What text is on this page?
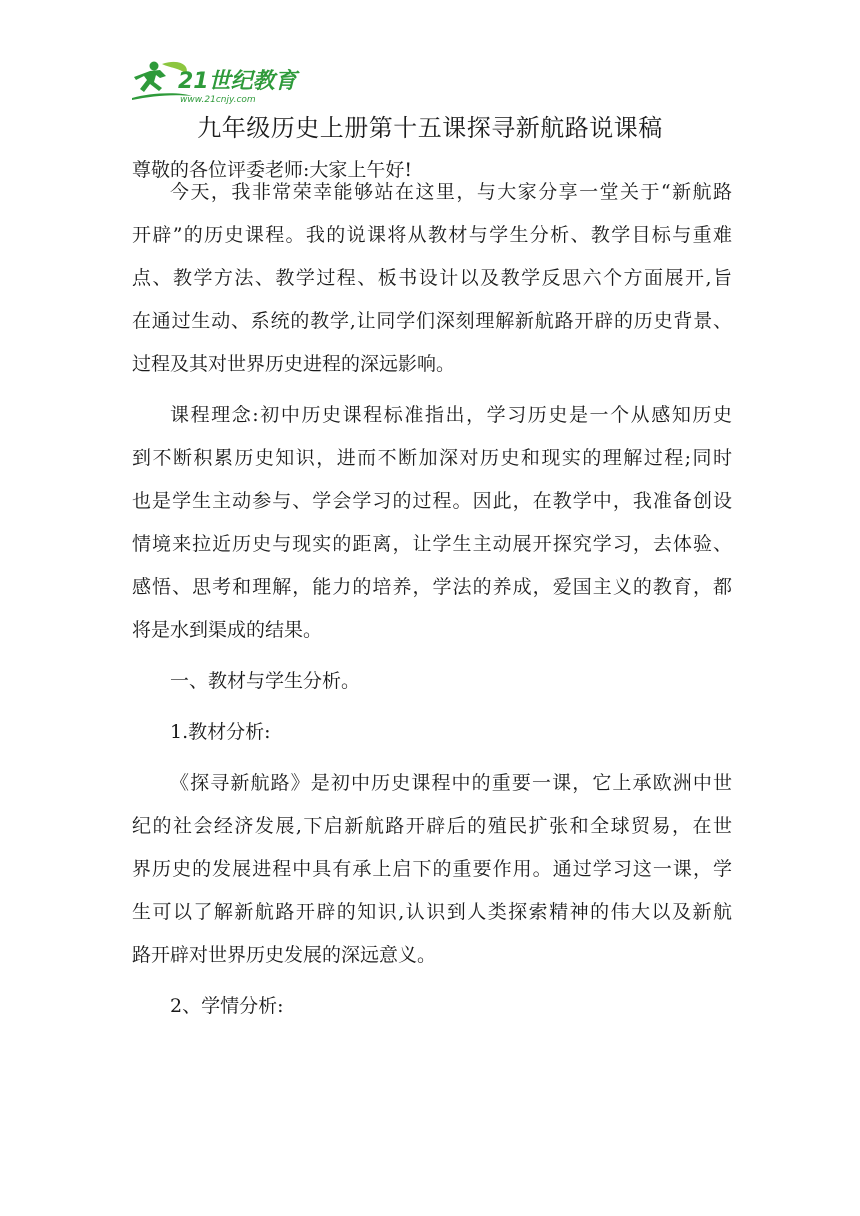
21世纪教育
www.21cnjy.com
九年级历史上册第十五课探寻新航路说课稿
尊敬的各位评委老师:大家上午好!
今天，我非常荣幸能够站在这里，与大家分享一堂关于“新航路
开辟”的历史课程。我的说课将从教材与学生分析、教学目标与重难
点、教学方法、教学过程、板书设计以及教学反思六个方面展开,旨
在通过生动、系统的教学,让同学们深刻理解新航路开辟的历史背景、
过程及其对世界历史进程的深远影响。
课程理念:初中历史课程标准指出，学习历史是一个从感知历史
到不断积累历史知识，进而不断加深对历史和现实的理解过程;同时
也是学生主动参与、学会学习的过程。因此，在教学中，我准备创设
情境来拉近历史与现实的距离，让学生主动展开探究学习，去体验、
感悟、思考和理解，能力的培养，学法的养成，爱国主义的教育，都
将是水到渠成的结果。
一、教材与学生分析。
1.教材分析:
《探寻新航路》是初中历史课程中的重要一课，它上承欧洲中世
纪的社会经济发展,下启新航路开辟后的殖民扩张和全球贸易，在世
界历史的发展进程中具有承上启下的重要作用。通过学习这一课，学
生可以了解新航路开辟的知识,认识到人类探索精神的伟大以及新航
路开辟对世界历史发展的深远意义。
2、学情分析:
